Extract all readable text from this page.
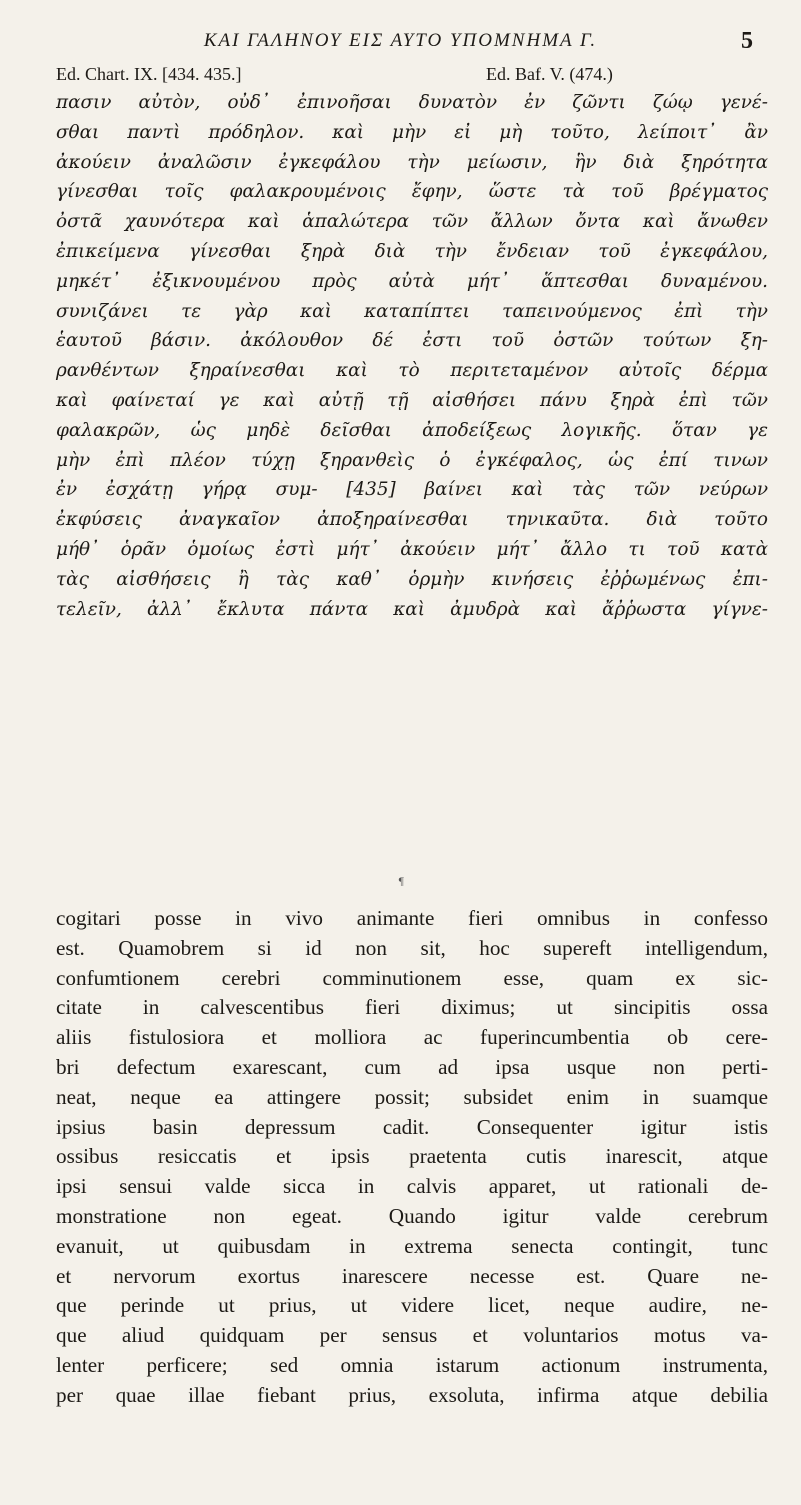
ΚΑΙ ΓΑΛΗΝΟΥ ΕΙΣ ΑΥΤΟ ΥΠΟΜΝΗΜΑ Γ.	5
Ed. Chart. IX. [434. 435.]	Ed. Baf. V. (474.)
πασιν αὐτὸν, οὐδ᾽ ἐπινοῆσαι δυνατὸν ἐν ζῶντι ζώῳ γενέ-
σθαι παντὶ πρόδηλον. καὶ μὴν εἰ μὴ τοῦτο, λείποιτ᾽ ἂν
ἀκούειν ἀναλῶσιν ἐγκεφάλου τὴν μείωσιν, ἣν διὰ ξηρότητα
γίνεσθαι τοῖς φαλακρουμένοις ἔφην, ὥστε τὰ τοῦ βρέγματος
ὀστᾶ χαυνότερα καὶ ἁπαλώτερα τῶν ἄλλων ὄντα καὶ ἄνωθεν
ἐπικείμενα γίνεσθαι ξηρὰ διὰ τὴν ἔνδειαν τοῦ ἐγκεφάλου,
μηκέτ᾽ ἐξικνουμένου πρὸς αὐτὰ μήτ᾽ ἅπτεσθαι δυναμένου.
συνιζάνει τε γὰρ καὶ καταπίπτει ταπεινούμενος ἐπὶ τὴν
ἑαυτοῦ βάσιν. ἀκόλουθον δέ ἐστι τοῦ ὀστῶν τούτων ξη-
ρανθέντων ξηραίνεσθαι καὶ τὸ περιτεταμένον αὐτοῖς δέρμα
καὶ φαίνεταί γε καὶ αὐτῇ τῇ αἰσθήσει πάνυ ξηρὰ ἐπὶ τῶν
φαλακρῶν, ὡς μηδὲ δεῖσθαι ἀποδείξεως λογικῆς. ὅταν γε
μὴν ἐπὶ πλέον τύχῃ ξηρανθεὶς ὁ ἐγκέφαλος, ὡς ἐπί τινων
ἐν ἐσχάτῃ γήρᾳ συμ- [435] βαίνει καὶ τὰς τῶν νεύρων
ἐκφύσεις ἀναγκαῖον ἀποξηραίνεσθαι τηνικαῦτα. διὰ τοῦτο
μήθ᾽ ὁρᾶν ὁμοίως ἐστὶ μήτ᾽ ἀκούειν μήτ᾽ ἄλλο τι τοῦ κατὰ
τὰς αἰσθήσεις ἢ τὰς καθ᾽ ὁρμὴν κινήσεις ἐῤῥωμένως ἐπι-
τελεῖν, ἀλλ᾽ ἔκλυτα πάντα καὶ ἀμυδρὰ καὶ ἄῤῥωστα γίγνε-
¶
cogitari posse in vivo animante fieri omnibus in confesso
est. Quamobrem si id non sit, hoc supereft intelligendum,
confumtionem cerebri comminutionem esse, quam ex sic-
citate in calvescentibus fieri diximus; ut sincipitis ossa
aliis fistulosiora et molliora ac fuperincumbentia ob cere-
bri defectum exarescant, cum ad ipsa usque non perti-
neat, neque ea attingere possit; subsidet enim in suamque
ipsius basin depressum cadit. Consequenter igitur istis
ossibus resiccatis et ipsis praetenta cutis inarescit, atque
ipsi sensui valde sicca in calvis apparet, ut rationali de-
monstratione non egeat. Quando igitur valde cerebrum
evanuit, ut quibusdam in extrema senecta contingit, tunc
et nervorum exortus inarescere necesse est. Quare ne-
que perinde ut prius, ut videre licet, neque audire, ne-
que aliud quidquam per sensus et voluntarios motus va-
lenter perficere; sed omnia istarum actionum instrumenta,
per quae illae fiebant prius, exsoluta, infirma atque debilia
